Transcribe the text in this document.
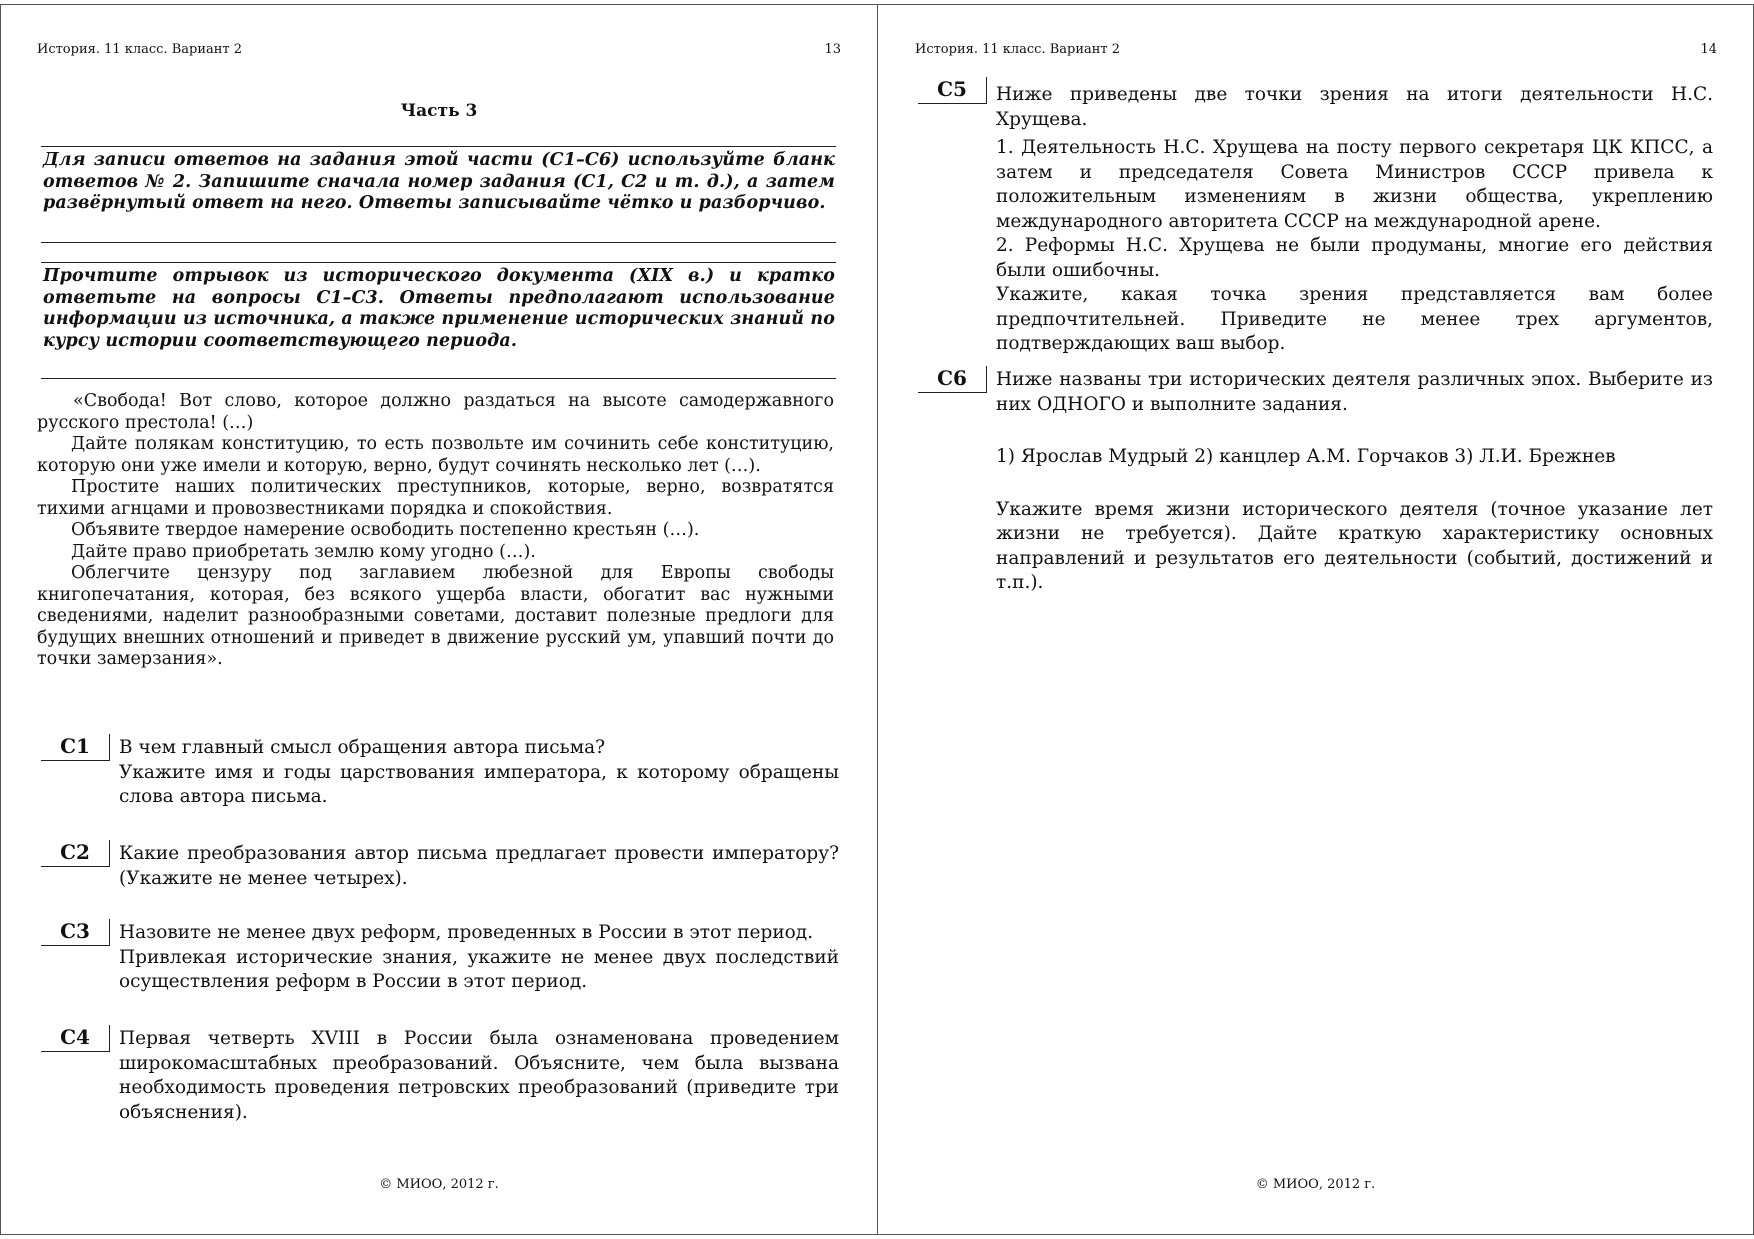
История. 11 класс. Вариант 2	13
Часть 3
Для записи ответов на задания этой части (С1–С6) используйте бланк ответов № 2. Запишите сначала номер задания (С1, С2 и т. д.), а затем развёрнутый ответ на него. Ответы записывайте чётко и разборчиво.
Прочтите отрывок из исторического документа (XIX в.) и кратко ответьте на вопросы С1–С3. Ответы предполагают использование информации из источника, а также применение исторических знаний по курсу истории соответствующего периода.

«Свобода! Вот слово, которое должно раздаться на высоте самодержавного русского престола! (…)

Дайте полякам конституцию, то есть позвольте им сочинить себе конституцию, которую они уже имели и которую, верно, будут сочинять несколько лет (…).

Простите наших политических преступников, которые, верно, возвратятся тихими агнцами и провозвестниками порядка и спокойствия.

Объявите твердое намерение освободить постепенно крестьян (…).

Дайте право приобретать землю кому угодно (…).

Облегчите цензуру под заглавием любезной для Европы свободы книгопечатания, которая, без всякого ущерба власти, обогатит вас нужными сведениями, наделит разнообразными советами, доставит полезные предлоги для будущих внешних отношений и приведет в движение русский ум, упавший почти до точки замерзания».

С1	В чем главный смысл обращения автора письма?

Укажите имя и годы царствования императора, к которому обращены слова автора письма.

С2	Какие преобразования автор письма предлагает провести императору? (Укажите не менее четырех).

С3	Назовите не менее двух реформ, проведенных в России в этот период.

Привлекая исторические знания, укажите не менее двух последствий осуществления реформ в России в этот период.

С4	Первая четверть XVIII в России была ознаменована проведением широкомасштабных преобразований. Объясните, чем была вызвана необходимость проведения петровских преобразований (приведите три объяснения).

© МИОО, 2012 г.
История. 11 класс. Вариант 2	14
С5	Ниже приведены две точки зрения на итоги деятельности Н.С. Хрущева.

1. Деятельность Н.С. Хрущева на посту первого секретаря ЦК КПСС, а затем и председателя Совета Министров СССР привела к положительным изменениям в жизни общества, укреплению международного авторитета СССР на международной арене.

2. Реформы Н.С. Хрущева не были продуманы, многие его действия были ошибочны.

Укажите, какая точка зрения представляется вам более предпочтительней. Приведите не менее трех аргументов, подтверждающих ваш выбор.

С6	Ниже названы три исторических деятеля различных эпох. Выберите из них ОДНОГО и выполните задания.

1) Ярослав Мудрый 2) канцлер А.М. Горчаков 3) Л.И. Брежнев

Укажите время жизни исторического деятеля (точное указание лет жизни не требуется). Дайте краткую характеристику основных направлений и результатов его деятельности (событий, достижений и т.п.).

© МИОО, 2012 г.
